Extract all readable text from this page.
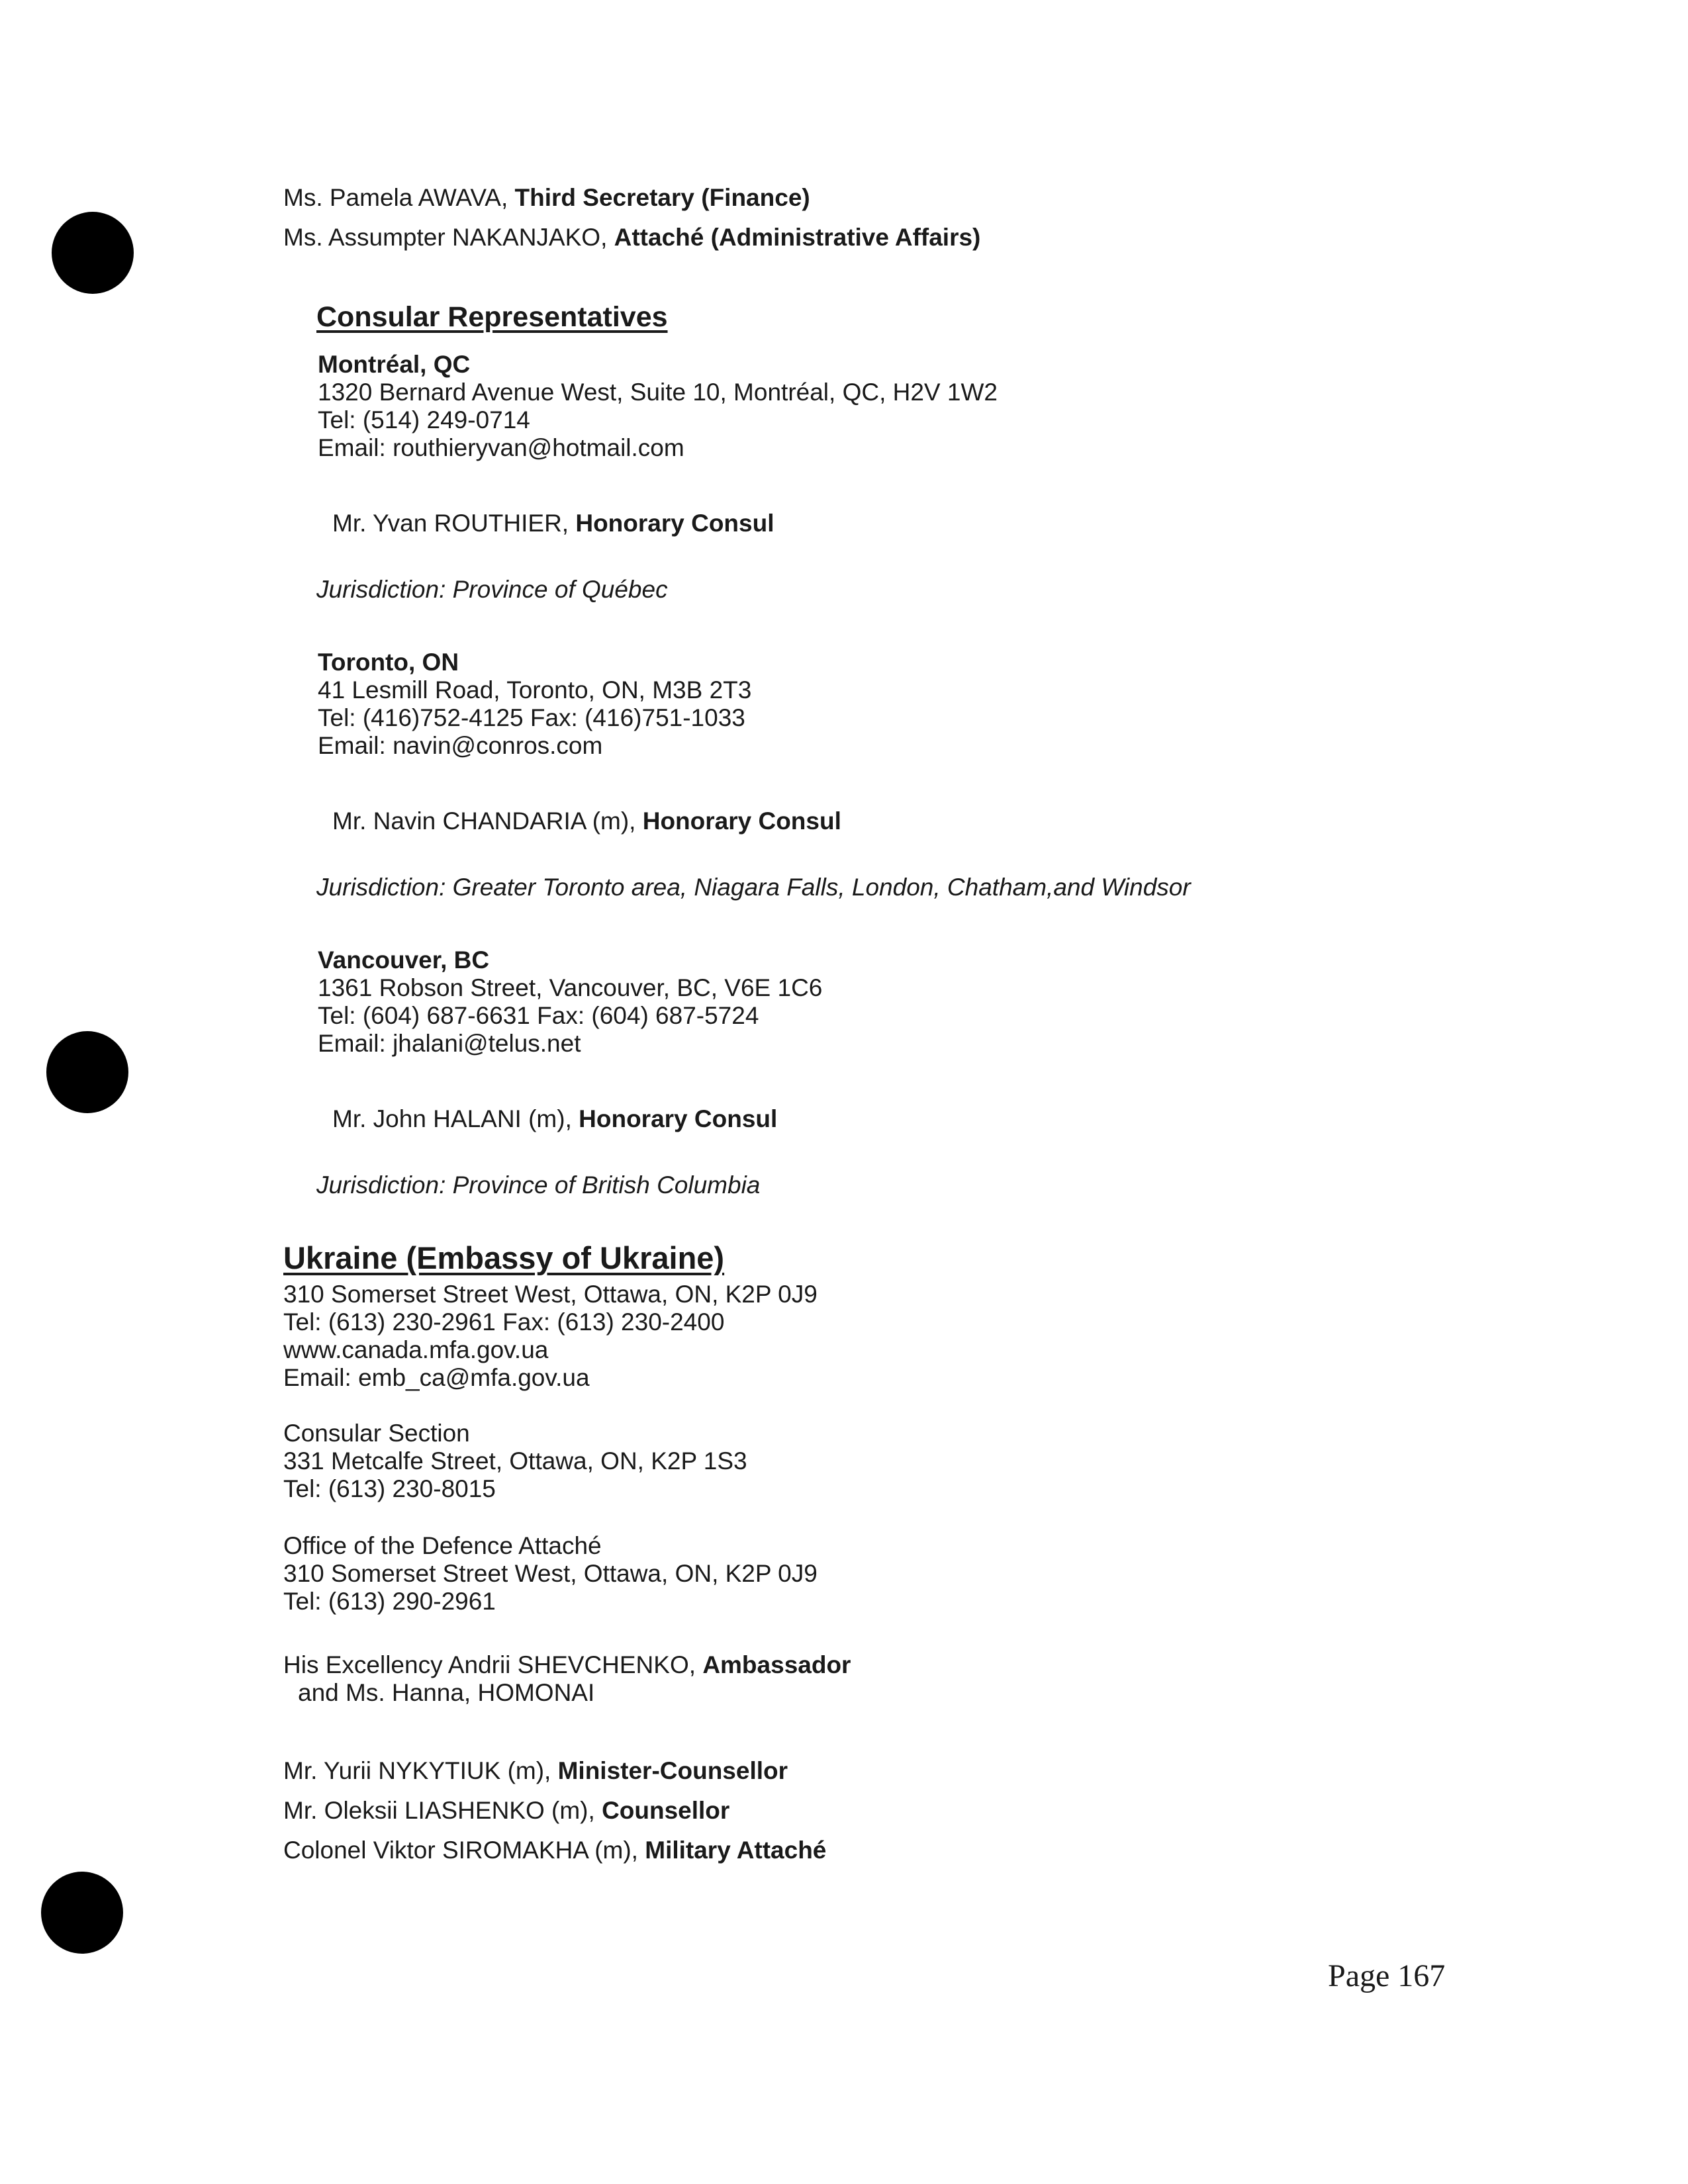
Ms. Pamela AWAVA, Third Secretary (Finance)
Ms. Assumpter NAKANJAKO, Attaché (Administrative Affairs)
Consular Representatives
Montréal, QC
1320 Bernard Avenue West, Suite 10, Montréal, QC, H2V 1W2
Tel: (514) 249-0714
Email: routhieryvan@hotmail.com
Mr. Yvan ROUTHIER, Honorary Consul
Jurisdiction: Province of Québec
Toronto, ON
41 Lesmill Road, Toronto, ON, M3B 2T3
Tel: (416)752-4125 Fax: (416)751-1033
Email: navin@conros.com
Mr. Navin CHANDARIA (m), Honorary Consul
Jurisdiction: Greater Toronto area, Niagara Falls, London, Chatham,and Windsor
Vancouver, BC
1361 Robson Street, Vancouver, BC, V6E 1C6
Tel: (604) 687-6631 Fax: (604) 687-5724
Email: jhalani@telus.net
Mr. John HALANI (m), Honorary Consul
Jurisdiction: Province of British Columbia
Ukraine (Embassy of Ukraine)
310 Somerset Street West, Ottawa, ON, K2P 0J9
Tel: (613) 230-2961 Fax: (613) 230-2400
www.canada.mfa.gov.ua
Email: emb_ca@mfa.gov.ua
Consular Section
331 Metcalfe Street, Ottawa, ON, K2P 1S3
Tel: (613) 230-8015
Office of the Defence Attaché
310 Somerset Street West, Ottawa, ON, K2P 0J9
Tel: (613) 290-2961
His Excellency Andrii SHEVCHENKO, Ambassador
and Ms. Hanna, HOMONAI
Mr. Yurii NYKYTIUK (m), Minister-Counsellor
Mr. Oleksii LIASHENKO (m), Counsellor
Colonel Viktor SIROMAKHA (m), Military Attaché
Page 167
